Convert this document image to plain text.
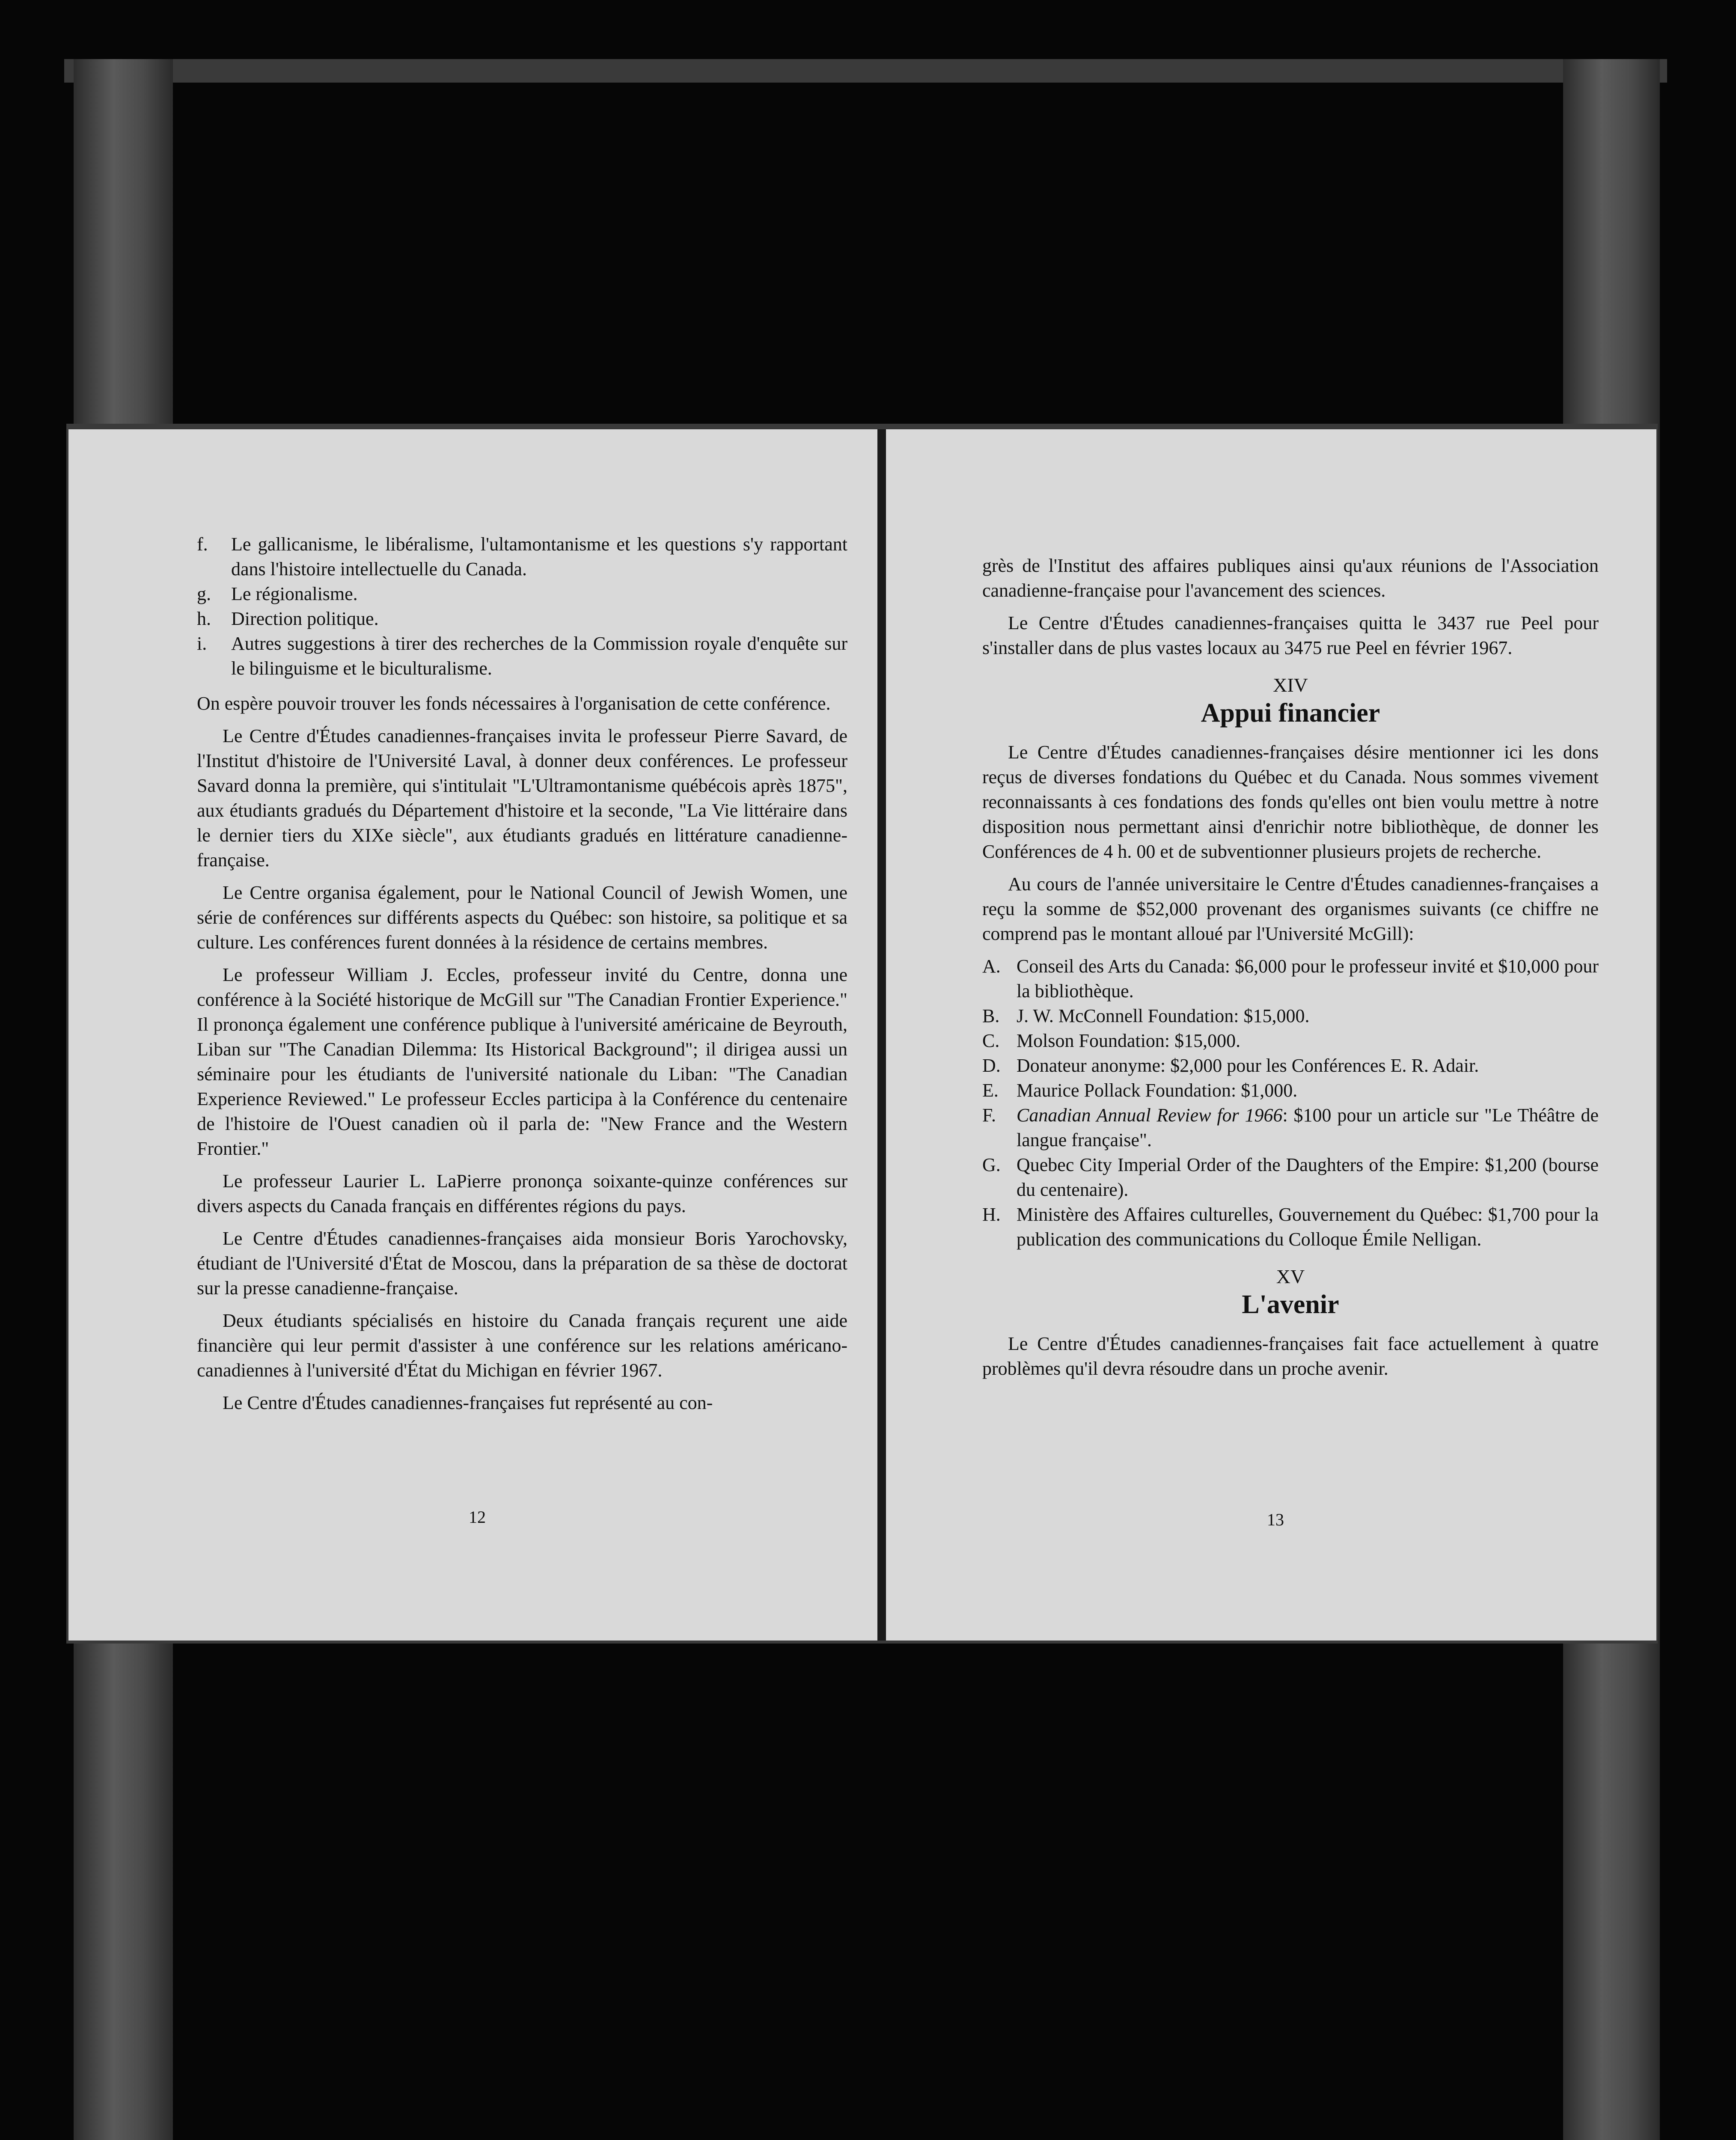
f.	Le gallicanisme, le libéralisme, l'ultamontanisme et les questions s'y rapportant dans l'histoire intellectuelle du Canada.
g.	Le régionalisme.
h.	Direction politique.
i.	Autres suggestions à tirer des recherches de la Commission royale d'enquête sur le bilinguisme et le biculturalisme.

On espère pouvoir trouver les fonds nécessaires à l'organisation de cette conférence.

Le Centre d'Études canadiennes-françaises invita le professeur Pierre Savard, de l'Institut d'histoire de l'Université Laval, à donner deux conférences. Le professeur Savard donna la première, qui s'intitulait "L'Ultramontanisme québécois après 1875", aux étudiants gradués du Département d'histoire et la seconde, "La Vie littéraire dans le dernier tiers du XIXe siècle", aux étudiants gradués en littérature canadienne-française.

Le Centre organisa également, pour le National Council of Jewish Women, une série de conférences sur différents aspects du Québec: son histoire, sa politique et sa culture. Les conférences furent données à la résidence de certains membres.

Le professeur William J. Eccles, professeur invité du Centre, donna une conférence à la Société historique de McGill sur "The Canadian Frontier Experience." Il prononça également une conférence publique à l'université américaine de Beyrouth, Liban sur "The Canadian Dilemma: Its Historical Background"; il dirigea aussi un séminaire pour les étudiants de l'université nationale du Liban: "The Canadian Experience Reviewed." Le professeur Eccles participa à la Conférence du centenaire de l'histoire de l'Ouest canadien où il parla de: "New France and the Western Frontier."

Le professeur Laurier L. LaPierre prononça soixante-quinze conférences sur divers aspects du Canada français en différentes régions du pays.

Le Centre d'Études canadiennes-françaises aida monsieur Boris Yarochovsky, étudiant de l'Université d'État de Moscou, dans la préparation de sa thèse de doctorat sur la presse canadienne-française.

Deux étudiants spécialisés en histoire du Canada français reçurent une aide financière qui leur permit d'assister à une conférence sur les relations américano-canadiennes à l'université d'État du Michigan en février 1967.

Le Centre d'Études canadiennes-françaises fut représenté au con-

12

grès de l'Institut des affaires publiques ainsi qu'aux réunions de l'Association canadienne-française pour l'avancement des sciences.

Le Centre d'Études canadiennes-françaises quitta le 3437 rue Peel pour s'installer dans de plus vastes locaux au 3475 rue Peel en février 1967.

XIV
Appui financier

Le Centre d'Études canadiennes-françaises désire mentionner ici les dons reçus de diverses fondations du Québec et du Canada. Nous sommes vivement reconnaissants à ces fondations des fonds qu'elles ont bien voulu mettre à notre disposition nous permettant ainsi d'enrichir notre bibliothèque, de donner les Conférences de 4 h. 00 et de subventionner plusieurs projets de recherche.

Au cours de l'année universitaire le Centre d'Études canadiennes-françaises a reçu la somme de $52,000 provenant des organismes suivants (ce chiffre ne comprend pas le montant alloué par l'Université McGill):

A. Conseil des Arts du Canada: $6,000 pour le professeur invité et $10,000 pour la bibliothèque.
B. J. W. McConnell Foundation: $15,000.
C. Molson Foundation: $15,000.
D. Donateur anonyme: $2,000 pour les Conférences E. R. Adair.
E. Maurice Pollack Foundation: $1,000.
F.	Canadian Annual Review for 1966: $100 pour un article sur "Le Théâtre de langue française".
G. Quebec City Imperial Order of the Daughters of the Empire: $1,200 (bourse du centenaire).
H. Ministère des Affaires culturelles, Gouvernement du Québec: $1,700 pour la publication des communications du Colloque Émile Nelligan.
XV
L'avenir

Le Centre d'Études canadiennes-françaises fait face actuellement à quatre problèmes qu'il devra résoudre dans un proche avenir.

13
